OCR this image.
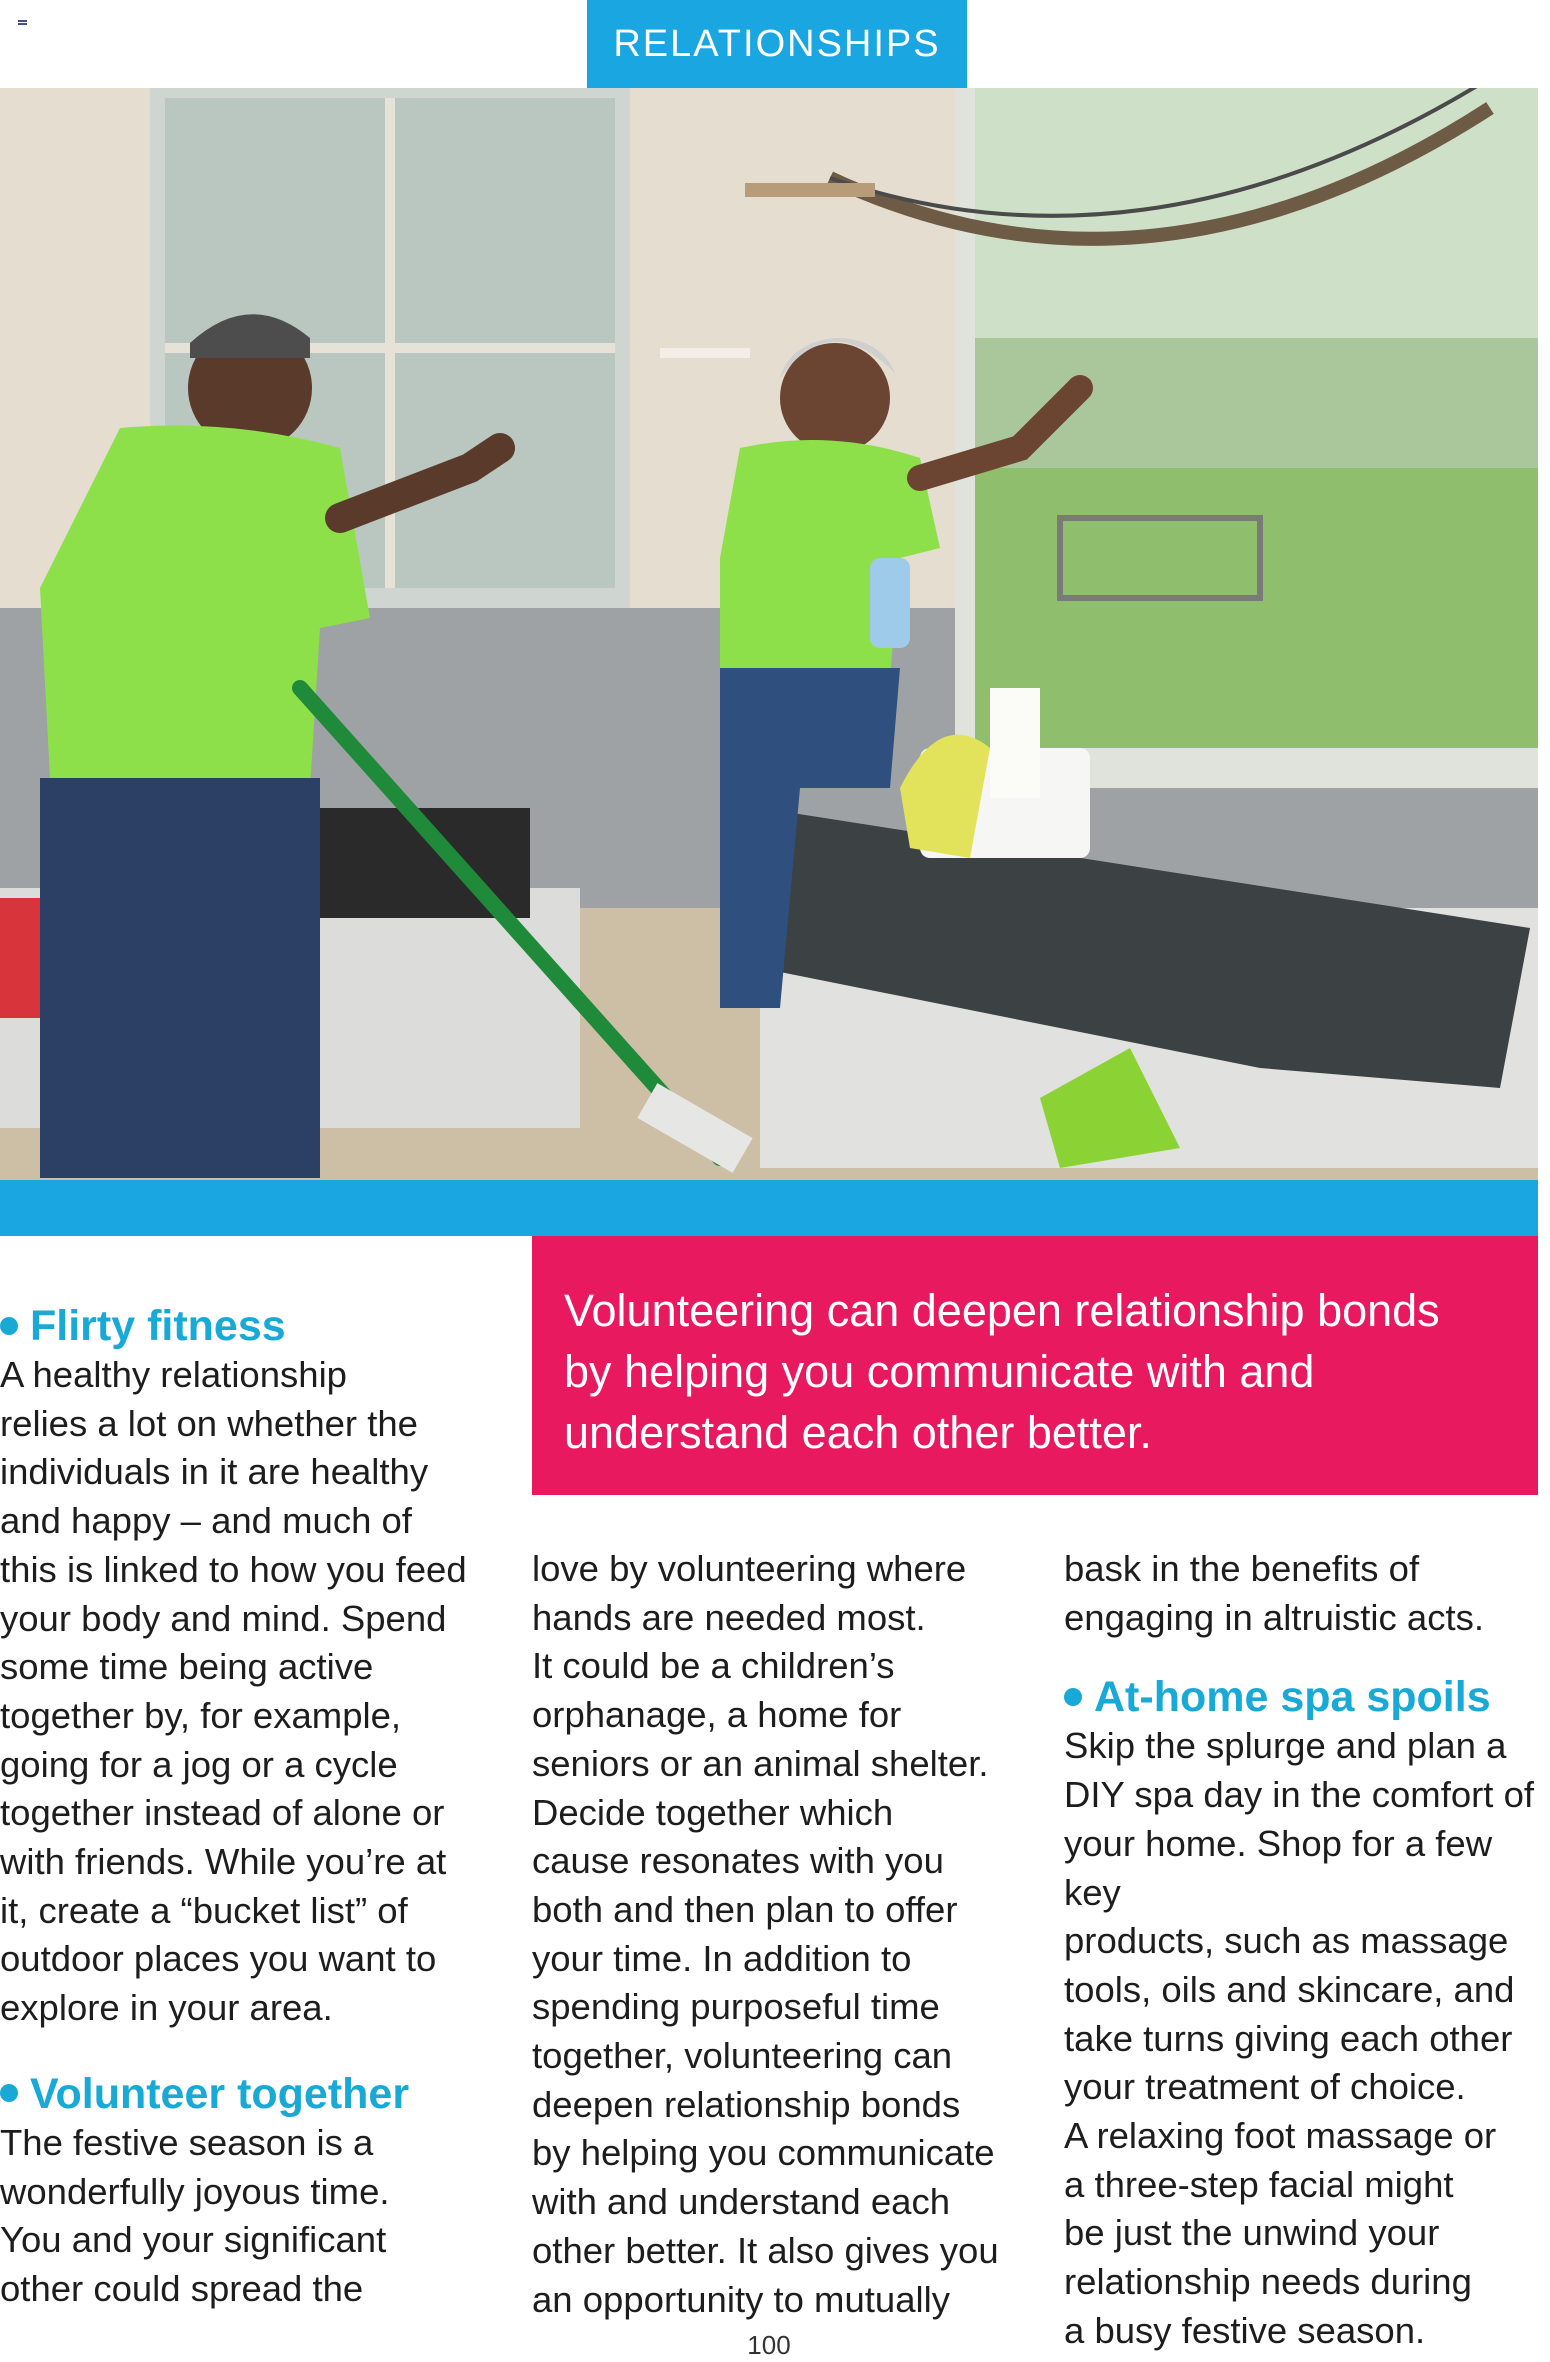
RELATIONSHIPS
Volunteering can deepen relationship bonds
by helping you communicate with and
understand each other better.
Flirty fitness

A healthy relationship

relies a lot on whether the

individuals in it are healthy

and happy – and much of

this is linked to how you feed

your body and mind. Spend

some time being active

together by, for example,

going for a jog or a cycle

together instead of alone or

with friends. While you’re at

it, create a “bucket list” of

outdoor places you want to

explore in your area.

Volunteer together

The festive season is a

wonderfully joyous time.

You and your significant

other could spread the

love by volunteering where

hands are needed most.

It could be a children’s

orphanage, a home for

seniors or an animal shelter.

Decide together which

cause resonates with you

both and then plan to offer

your time. In addition to

spending purposeful time

together, volunteering can

deepen relationship bonds

by helping you communicate

with and understand each

other better. It also gives you

an opportunity to mutually

bask in the benefits of

engaging in altruistic acts.

At-home spa spoils

Skip the splurge and plan a

DIY spa day in the comfort of

your home. Shop for a few key

products, such as massage

tools, oils and skincare, and

take turns giving each other

your treatment of choice.

A relaxing foot massage or

a three-step facial might

be just the unwind your

relationship needs during

a busy festive season.

100
